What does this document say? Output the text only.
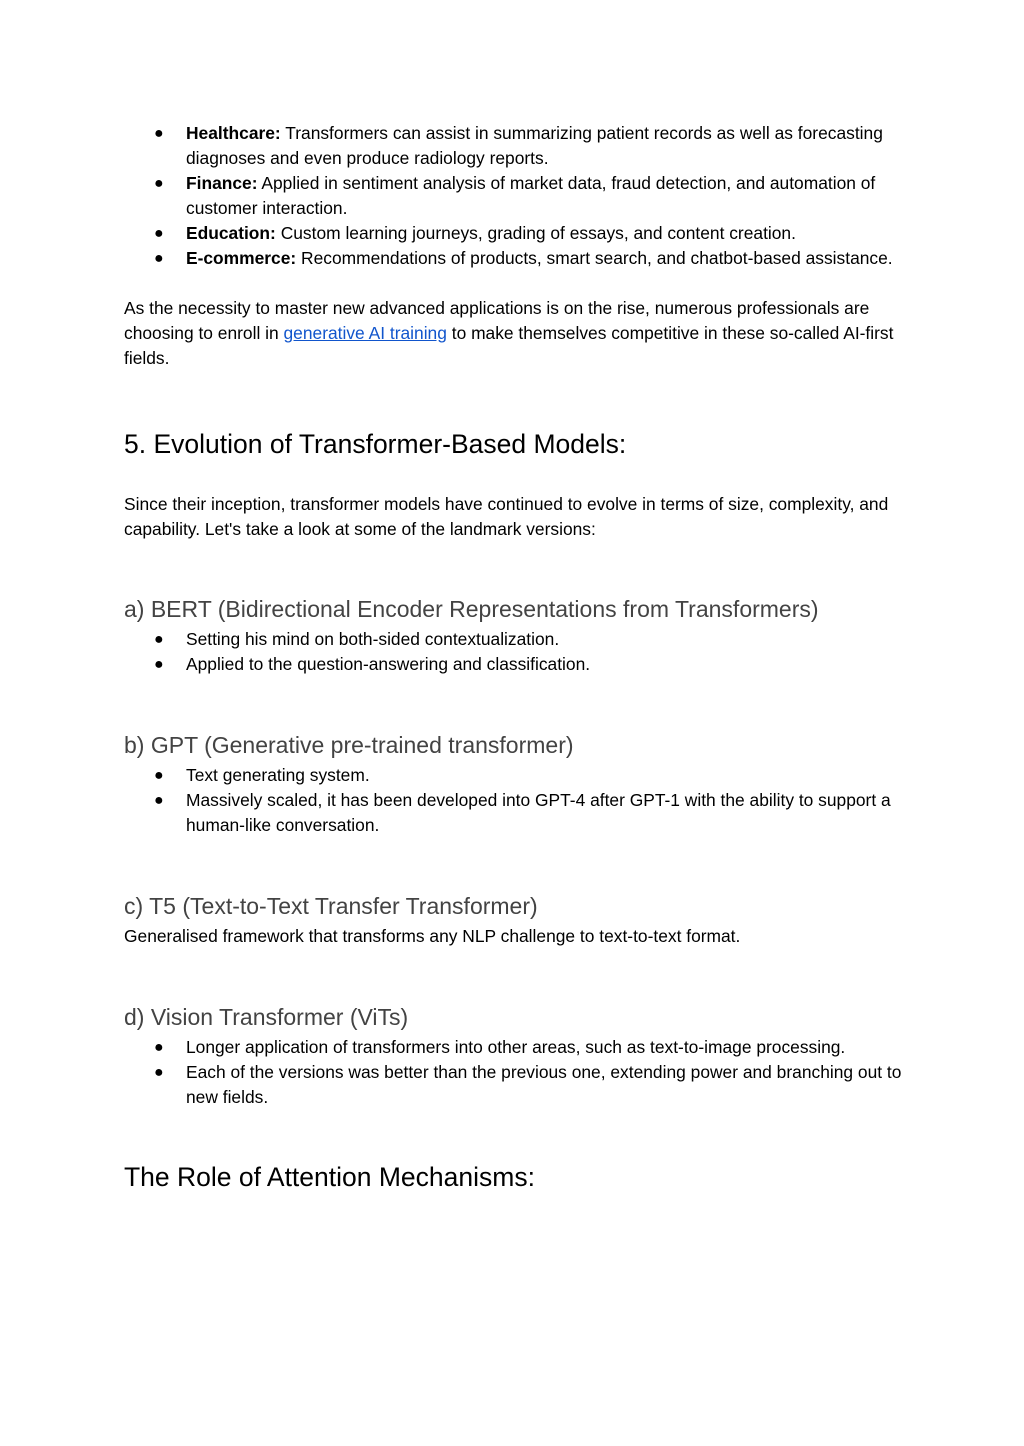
● Healthcare: Transformers can assist in summarizing patient records as well as forecasting diagnoses and even produce radiology reports.
● Finance: Applied in sentiment analysis of market data, fraud detection, and automation of customer interaction.
● Education: Custom learning journeys, grading of essays, and content creation.
● E-commerce: Recommendations of products, smart search, and chatbot-based assistance.

As the necessity to master new advanced applications is on the rise, numerous professionals are choosing to enroll in generative AI training to make themselves competitive in these so-called AI-first fields.

5. Evolution of Transformer-Based Models:

Since their inception, transformer models have continued to evolve in terms of size, complexity, and capability. Let's take a look at some of the landmark versions:

a) BERT (Bidirectional Encoder Representations from Transformers)
● Setting his mind on both-sided contextualization.
● Applied to the question-answering and classification.
b) GPT (Generative pre-trained transformer)
● Text generating system.
● Massively scaled, it has been developed into GPT-4 after GPT-1 with the ability to support a human-like conversation.
c) T5 (Text-to-Text Transfer Transformer)

Generalised framework that transforms any NLP challenge to text-to-text format.

d) Vision Transformer (ViTs)
● Longer application of transformers into other areas, such as text-to-image processing.
● Each of the versions was better than the previous one, extending power and branching out to new fields.
The Role of Attention Mechanisms:
